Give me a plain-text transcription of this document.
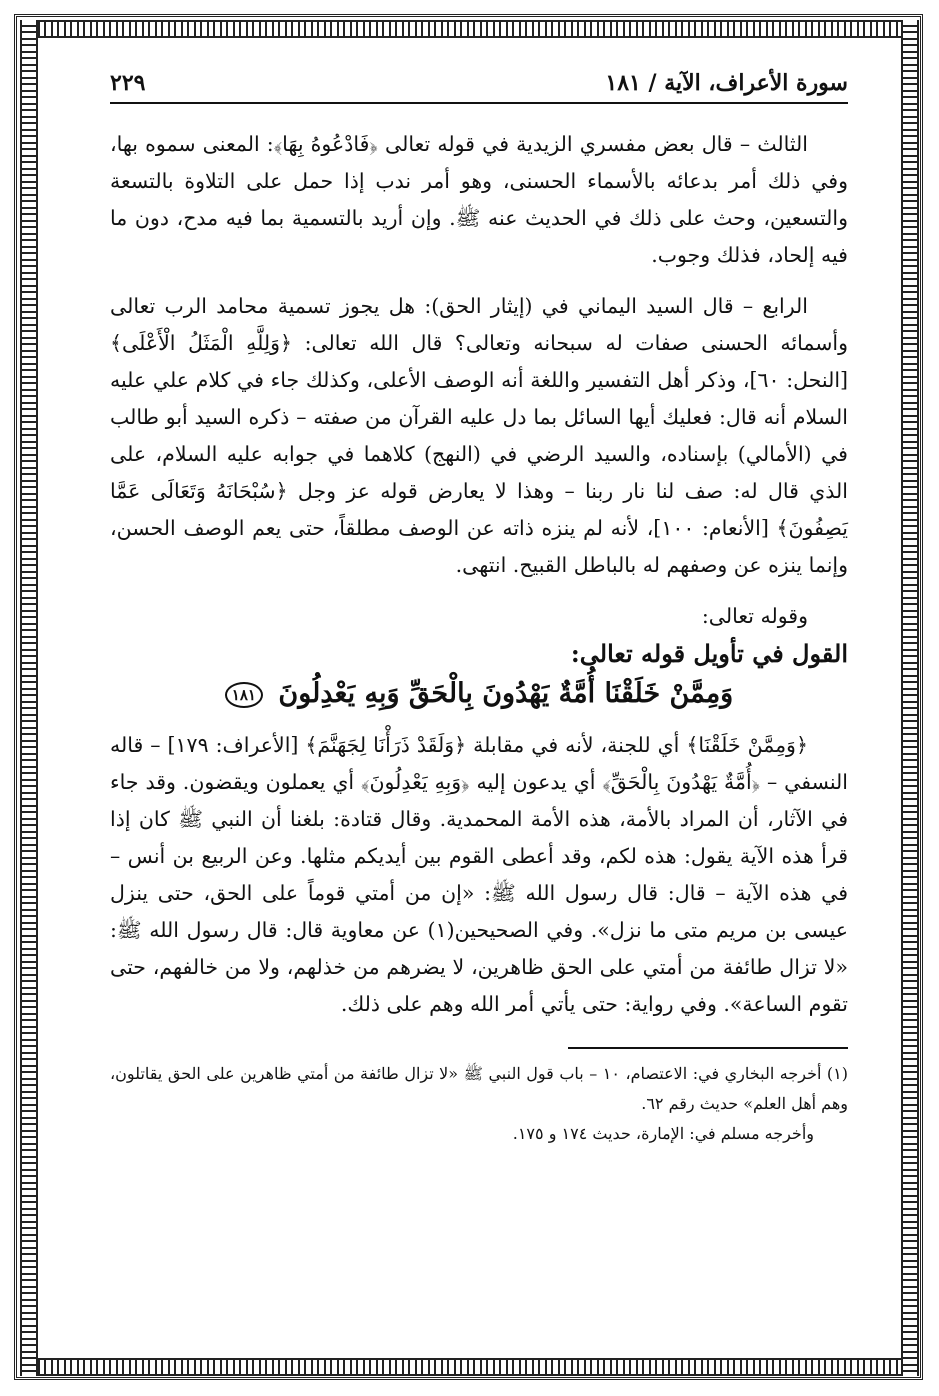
سورة الأعراف، الآية / ١٨١
٢٢٩

الثالث – قال بعض مفسري الزيدية في قوله تعالى ﴿فَادْعُوهُ بِهَا﴾: المعنى سموه بها، وفي ذلك أمر بدعائه بالأسماء الحسنى، وهو أمر ندب إذا حمل على التلاوة بالتسعة والتسعين، وحث على ذلك في الحديث عنه ﷺ. وإن أريد بالتسمية بما فيه مدح، دون ما فيه إلحاد، فذلك وجوب.

الرابع – قال السيد اليماني في (إيثار الحق): هل يجوز تسمية محامد الرب تعالى وأسمائه الحسنى صفات له سبحانه وتعالى؟ قال الله تعالى: ﴿وَلِلَّهِ الْمَثَلُ الْأَعْلَى﴾ [النحل: ٦٠]، وذكر أهل التفسير واللغة أنه الوصف الأعلى، وكذلك جاء في كلام علي عليه السلام أنه قال: فعليك أيها السائل بما دل عليه القرآن من صفته – ذكره السيد أبو طالب في (الأمالي) بإسناده، والسيد الرضي في (النهج) كلاهما في جوابه عليه السلام، على الذي قال له: صف لنا نار ربنا – وهذا لا يعارض قوله عز وجل ﴿سُبْحَانَهُ وَتَعَالَى عَمَّا يَصِفُونَ﴾ [الأنعام: ١٠٠]، لأنه لم ينزه ذاته عن الوصف مطلقاً، حتى يعم الوصف الحسن، وإنما ينزه عن وصفهم له بالباطل القبيح. انتهى.

وقوله تعالى:

القول في تأويل قوله تعالى:
وَمِمَّنْ خَلَقْنَا أُمَّةٌ يَهْدُونَ بِالْحَقِّ وَبِهِ يَعْدِلُونَ ١٨١

﴿وَمِمَّنْ خَلَقْنَا﴾ أي للجنة، لأنه في مقابلة ﴿وَلَقَدْ ذَرَأْنَا لِجَهَنَّمَ﴾ [الأعراف: ١٧٩] – قاله النسفي – ﴿أُمَّةٌ يَهْدُونَ بِالْحَقِّ﴾ أي يدعون إليه ﴿وَبِهِ يَعْدِلُونَ﴾ أي يعملون ويقضون. وقد جاء في الآثار، أن المراد بالأمة، هذه الأمة المحمدية. وقال قتادة: بلغنا أن النبي ﷺ كان إذا قرأ هذه الآية يقول: هذه لكم، وقد أعطى القوم بين أيديكم مثلها. وعن الربيع بن أنس – في هذه الآية – قال: قال رسول الله ﷺ: «إن من أمتي قوماً على الحق، حتى ينزل عيسى بن مريم متى ما نزل». وفي الصحيحين(١) عن معاوية قال: قال رسول الله ﷺ: «لا تزال طائفة من أمتي على الحق ظاهرين، لا يضرهم من خذلهم، ولا من خالفهم، حتى تقوم الساعة». وفي رواية: حتى يأتي أمر الله وهم على ذلك.

(١) أخرجه البخاري في: الاعتصام، ١٠ – باب قول النبي ﷺ «لا تزال طائفة من أمتي ظاهرين على الحق يقاتلون، وهم أهل العلم» حديث رقم ٦٢.

وأخرجه مسلم في: الإمارة، حديث ١٧٤ و ١٧٥.
